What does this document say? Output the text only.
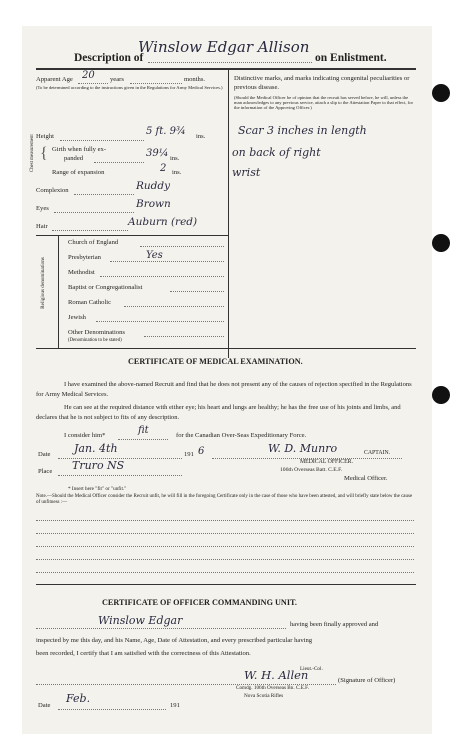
Description of
Winslow Edgar Allison
on Enlistment.
Apparent Age 20 years	months.
(To be determined according to the instructions given in the Regulations for Army Medical Services.)
Height	5 ft. 9¾ ins.
Chest measurement { Girth when fully ex-
panded	39¼ ins.
Range of expansion	2 ins.
Complexion	Ruddy
Eyes	Brown
Hair	Auburn (red)
Religious denominations
Church of England
Presbyterian	Yes
Methodist
Baptist or Congregationalist
Roman Catholic
Jewish
Other Denominations
(Denomination to be stated)
Distinctive marks, and marks indicating congenital peculiarities or previous disease.
(Should the Medical Officer be of opinion that the recruit has served before, he will, unless the man acknowledges to any previous service, attach a slip to the Attestation Paper to that effect, for the information of the Approving Officer.)
Scar 3 inches in length
on back of right
wrist
CERTIFICATE OF MEDICAL EXAMINATION.
I have examined the above-named Recruit and find that he does not present any of the causes of rejection specified in the Regulations for Army Medical Services.
He can see at the required distance with either eye; his heart and lungs are healthy; he has the free use of his joints and limbs, and declares that he is not subject to fits of any description.
I consider him*	fit	for the Canadian Over-Seas Expeditionary Force.
Date Jan. 4th	191 6	W. D. Munro	CAPTAIN.
Place Truro NS	MEDICAL OFFICER.
106th Overseas Batt. C.E.F.
Medical Officer.
* Insert here "fit" or "unfit."
Note.—Should the Medical Officer consider the Recruit unfit, he will fill in the foregoing Certificate only in the case of those who have been attested, and will briefly state below the cause of unfitness :—
CERTIFICATE OF OFFICER COMMANDING UNIT.
Winslow Edgar	having been finally approved and
inspected by me this day, and his Name, Age, Date of Attestation, and every prescribed particular having
been recorded, I certify that I am satisfied with the correctness of this Attestation.
W. H. Allen
Lieut.-Col.
Comdg. 106th Overseas Bn. C.E.F.
Nova Scotia Rifles
(Signature of Officer)
Date
Feb.
191
